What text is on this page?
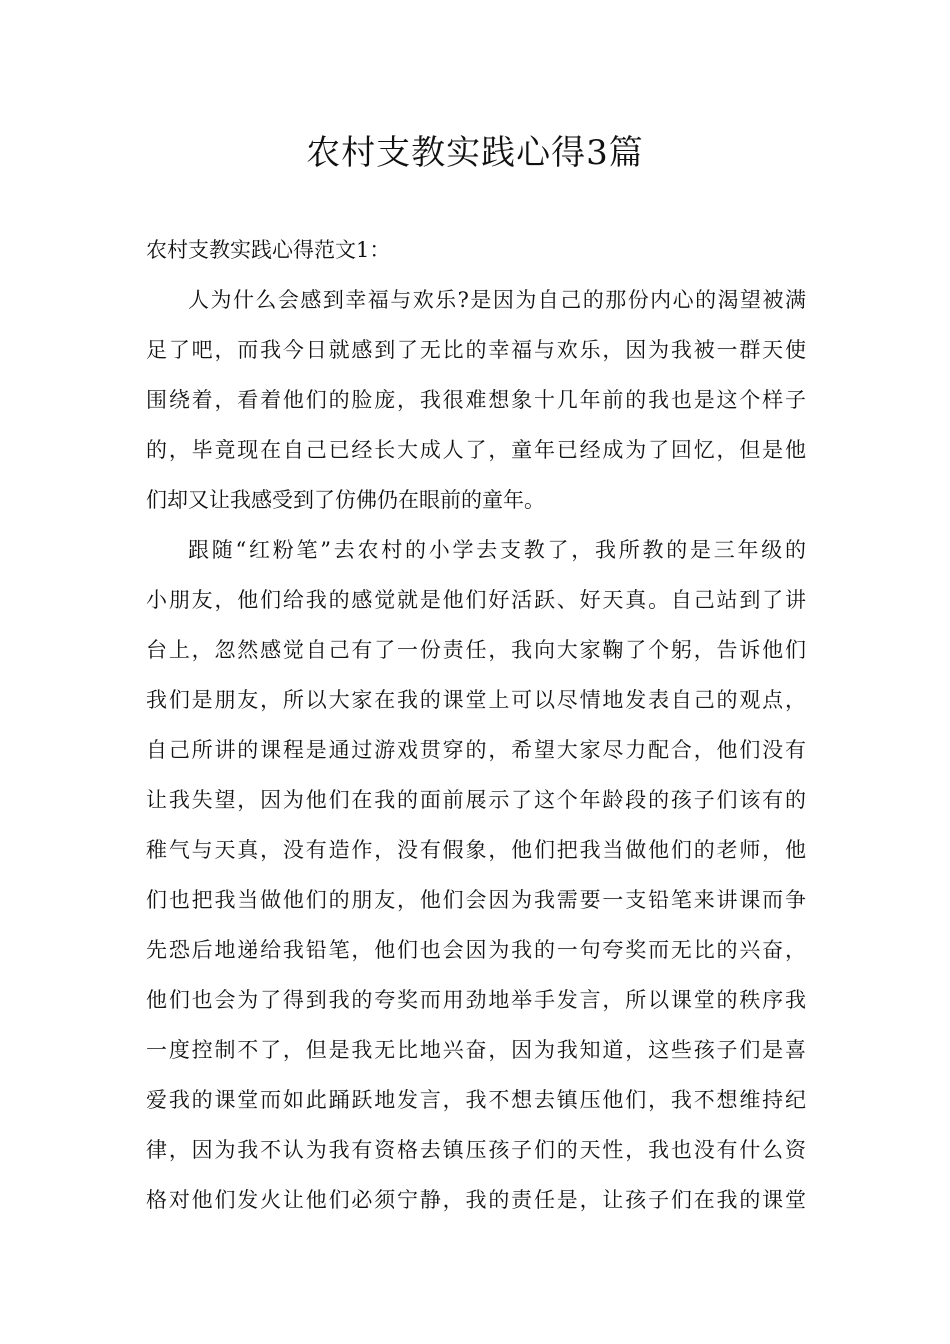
农村支教实践心得3篇

农村支教实践心得范文1：

人为什么会感到幸福与欢乐?是因为自己的那份内心的渴望被满

足了吧，而我今日就感到了无比的幸福与欢乐，因为我被一群天使

围绕着，看着他们的脸庞，我很难想象十几年前的我也是这个样子

的，毕竟现在自己已经长大成人了，童年已经成为了回忆，但是他

们却又让我感受到了仿佛仍在眼前的童年。

跟随“红粉笔”去农村的小学去支教了，我所教的是三年级的

小朋友，他们给我的感觉就是他们好活跃、好天真。自己站到了讲

台上，忽然感觉自己有了一份责任，我向大家鞠了个躬，告诉他们

我们是朋友，所以大家在我的课堂上可以尽情地发表自己的观点，

自己所讲的课程是通过游戏贯穿的，希望大家尽力配合，他们没有

让我失望，因为他们在我的面前展示了这个年龄段的孩子们该有的

稚气与天真，没有造作，没有假象，他们把我当做他们的老师，他

们也把我当做他们的朋友，他们会因为我需要一支铅笔来讲课而争

先恐后地递给我铅笔，他们也会因为我的一句夸奖而无比的兴奋，

他们也会为了得到我的夸奖而用劲地举手发言，所以课堂的秩序我

一度控制不了，但是我无比地兴奋，因为我知道，这些孩子们是喜

爱我的课堂而如此踊跃地发言，我不想去镇压他们，我不想维持纪

律，因为我不认为我有资格去镇压孩子们的天性，我也没有什么资

格对他们发火让他们必须宁静，我的责任是，让孩子们在我的课堂
